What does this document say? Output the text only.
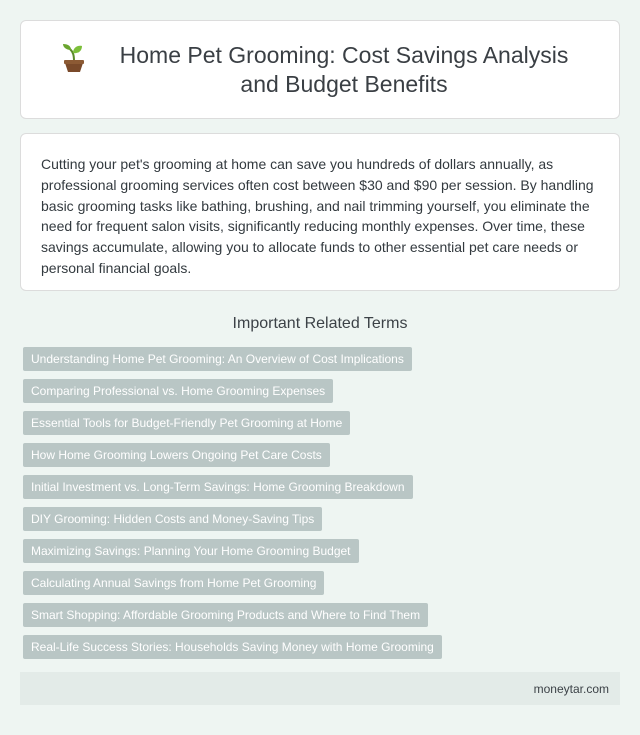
Home Pet Grooming: Cost Savings Analysis and Budget Benefits

Cutting your pet's grooming at home can save you hundreds of dollars annually, as professional grooming services often cost between $30 and $90 per session. By handling basic grooming tasks like bathing, brushing, and nail trimming yourself, you eliminate the need for frequent salon visits, significantly reducing monthly expenses. Over time, these savings accumulate, allowing you to allocate funds to other essential pet care needs or personal financial goals.

Important Related Terms
Understanding Home Pet Grooming: An Overview of Cost Implications
Comparing Professional vs. Home Grooming Expenses
Essential Tools for Budget-Friendly Pet Grooming at Home
How Home Grooming Lowers Ongoing Pet Care Costs
Initial Investment vs. Long-Term Savings: Home Grooming Breakdown
DIY Grooming: Hidden Costs and Money-Saving Tips
Maximizing Savings: Planning Your Home Grooming Budget
Calculating Annual Savings from Home Pet Grooming
Smart Shopping: Affordable Grooming Products and Where to Find Them
Real-Life Success Stories: Households Saving Money with Home Grooming
moneytar.com
